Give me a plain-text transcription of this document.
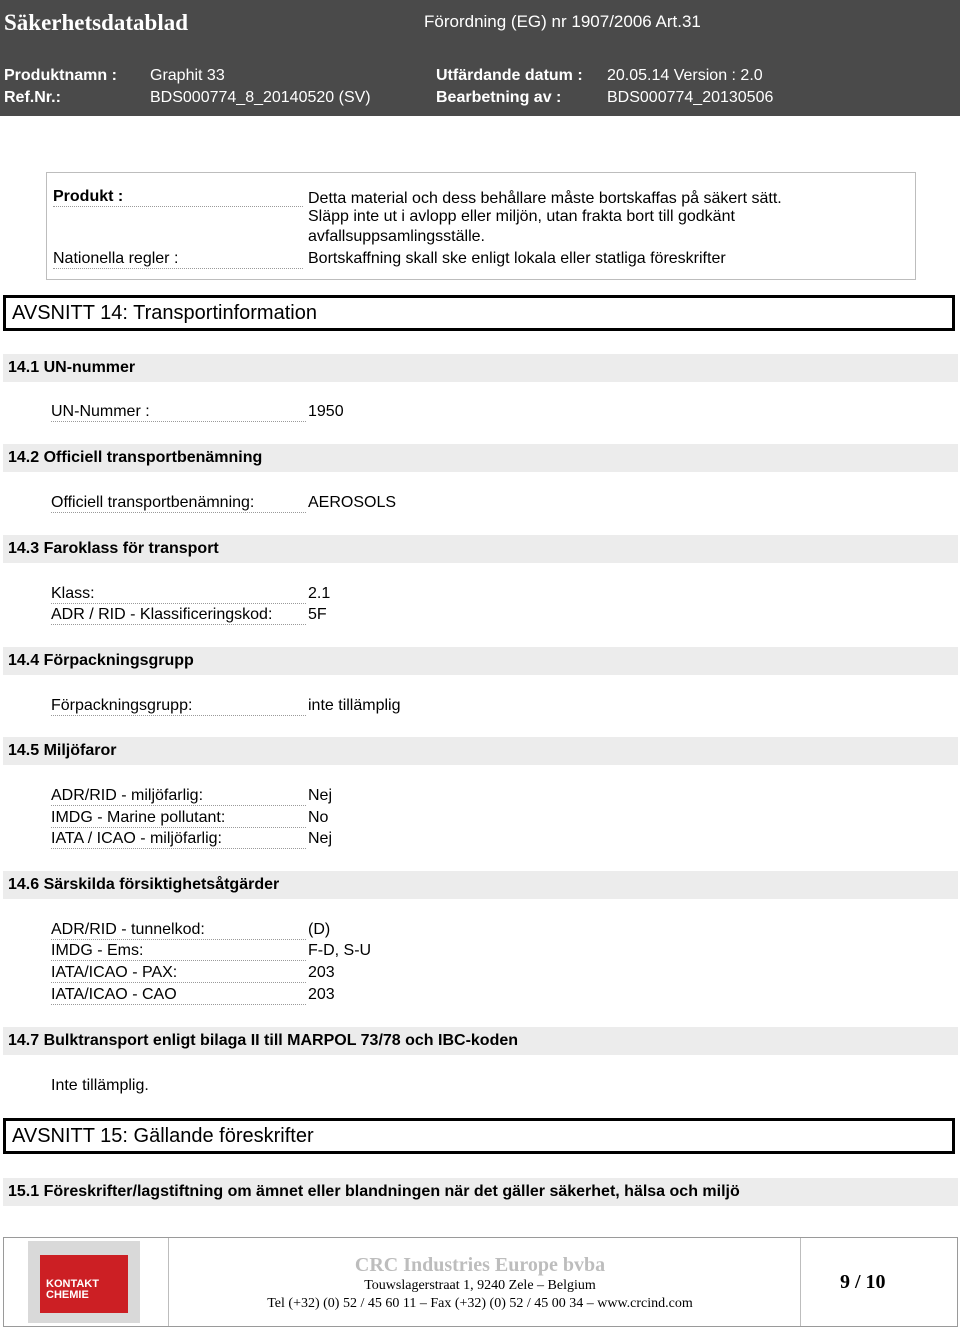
Säkerhetsdatablad	Förordning (EG) nr 1907/2006 Art.31
Produktnamn : Graphit 33	Utfärdande datum : 20.05.14 Version : 2.0
Ref.Nr.:	BDS000774_8_20140520 (SV)	Bearbetning av :	BDS000774_20130506
Produkt :	Detta material och dess behållare måste bortskaffas på säkert sätt.
Släpp inte ut i avlopp eller miljön, utan frakta bort till godkänt
avfallsuppsamlingsställe.
Nationella regler :	Bortskaffning skall ske enligt lokala eller statliga föreskrifter
AVSNITT 14: Transportinformation
14.1 UN-nummer
UN-Nummer :	1950
14.2 Officiell transportbenämning
Officiell transportbenämning:	AEROSOLS
14.3 Faroklass för transport
Klass:	2.1
ADR / RID - Klassificeringskod:	5F
14.4 Förpackningsgrupp
Förpackningsgrupp:	inte tillämplig
14.5 Miljöfaror
ADR/RID - miljöfarlig:	Nej
IMDG - Marine pollutant:	No
IATA / ICAO - miljöfarlig:	Nej
14.6 Särskilda försiktighetsåtgärder
ADR/RID - tunnelkod:	(D)
IMDG - Ems:	F-D, S-U
IATA/ICAO - PAX:	203
IATA/ICAO - CAO	203
14.7 Bulktransport enligt bilaga II till MARPOL 73/78 och IBC-koden
Inte tillämplig.
AVSNITT 15: Gällande föreskrifter
15.1 Föreskrifter/lagstiftning om ämnet eller blandningen när det gäller säkerhet, hälsa och miljö
KONTAKT
CHEMIE
CRC Industries Europe bvba
Touwslagerstraat 1, 9240 Zele – Belgium
Tel (+32) (0) 52 / 45 60 11 – Fax (+32) (0) 52 / 45 00 34 – www.crcind.com
9 / 10
